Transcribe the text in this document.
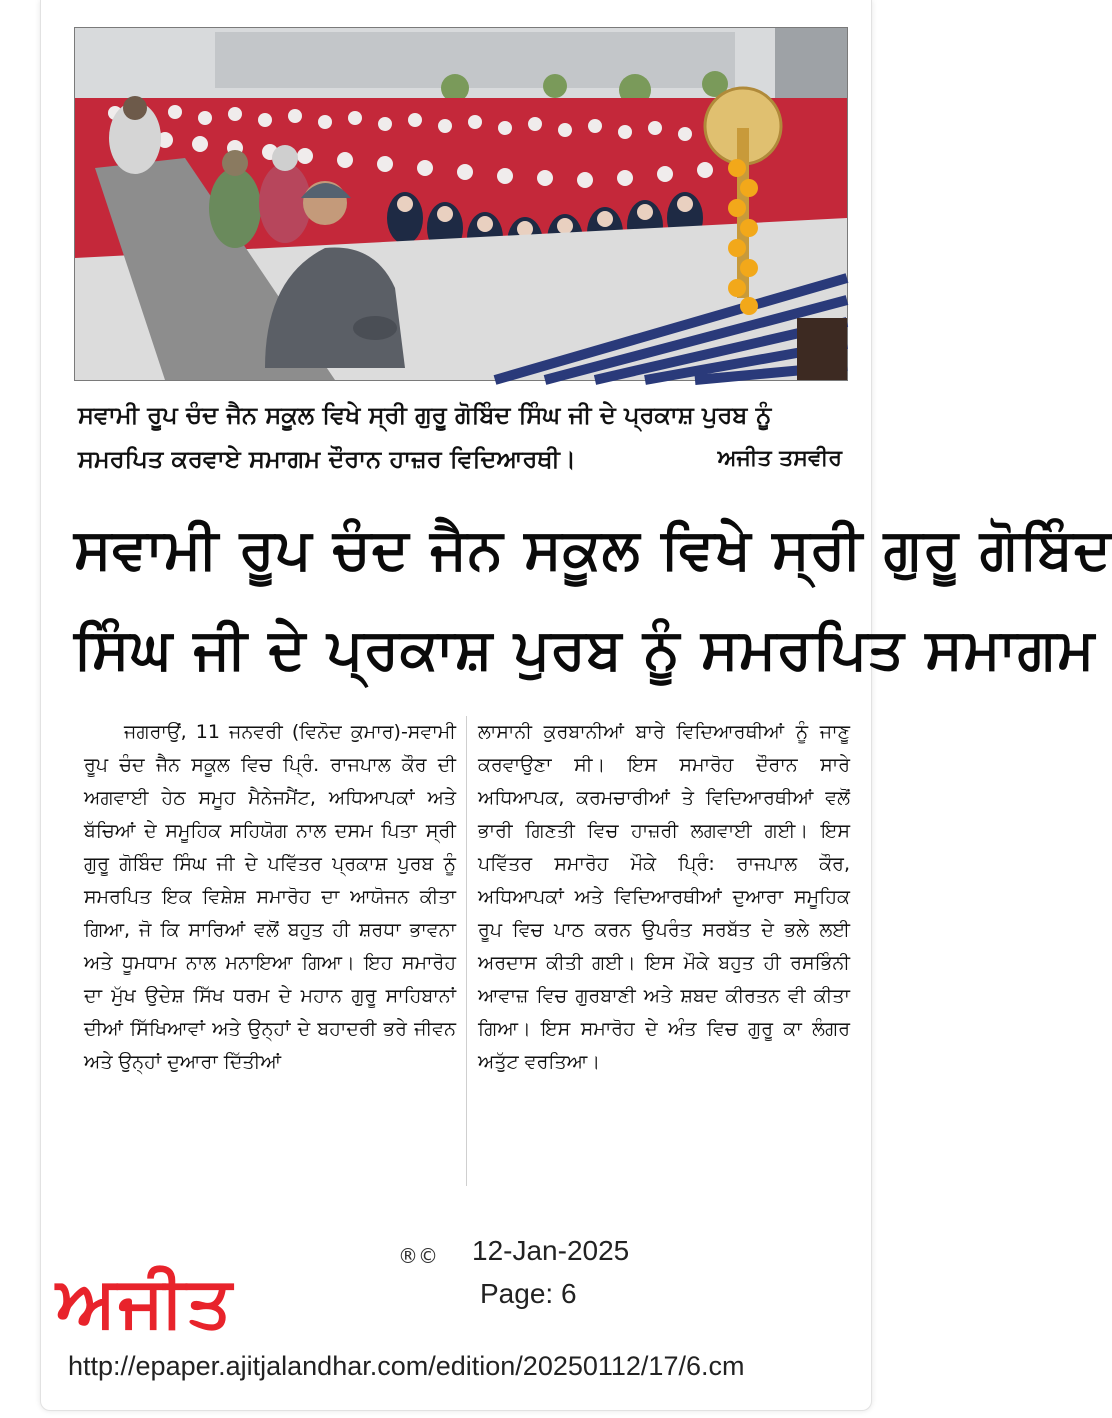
ਸਵਾਮੀ ਰੂਪ ਚੰਦ ਜੈਨ ਸਕੂਲ ਵਿਖੇ ਸ੍ਰੀ ਗੁਰੂ ਗੋਬਿੰਦ ਸਿੰਘ ਜੀ ਦੇ ਪ੍ਰਕਾਸ਼ ਪੁਰਬ ਨੂੰ
ਸਮਰਪਿਤ ਕਰਵਾਏ ਸਮਾਗਮ ਦੌਰਾਨ ਹਾਜ਼ਰ ਵਿਦਿਆਰਥੀ।	ਅਜੀਤ ਤਸਵੀਰ
ਸਵਾਮੀ ਰੂਪ ਚੰਦ ਜੈਨ ਸਕੂਲ ਵਿਖੇ ਸ੍ਰੀ ਗੁਰੂ ਗੋਬਿੰਦ
ਸਿੰਘ ਜੀ ਦੇ ਪ੍ਰਕਾਸ਼ ਪੁਰਬ ਨੂੰ ਸਮਰਪਿਤ ਸਮਾਗਮ
ਜਗਰਾਉਂ, 11 ਜਨਵਰੀ (ਵਿਨੋਦ ਕੁਮਾਰ)-ਸਵਾਮੀ ਰੂਪ ਚੰਦ ਜੈਨ ਸਕੂਲ ਵਿਚ ਪ੍ਰਿੰ. ਰਾਜਪਾਲ ਕੌਰ ਦੀ ਅਗਵਾਈ ਹੇਠ ਸਮੂਹ ਮੈਨੇਜਮੈਂਟ, ਅਧਿਆਪਕਾਂ ਅਤੇ ਬੱਚਿਆਂ ਦੇ ਸਮੂਹਿਕ ਸਹਿਯੋਗ ਨਾਲ ਦਸਮ ਪਿਤਾ ਸ੍ਰੀ ਗੁਰੂ ਗੋਬਿੰਦ ਸਿੰਘ ਜੀ ਦੇ ਪਵਿੱਤਰ ਪ੍ਰਕਾਸ਼ ਪੁਰਬ ਨੂੰ ਸਮਰਪਿਤ ਇਕ ਵਿਸ਼ੇਸ਼ ਸਮਾਰੋਹ ਦਾ ਆਯੋਜਨ ਕੀਤਾ ਗਿਆ, ਜੋ ਕਿ ਸਾਰਿਆਂ ਵਲੋਂ ਬਹੁਤ ਹੀ ਸ਼ਰਧਾ ਭਾਵਨਾ ਅਤੇ ਧੂਮਧਾਮ ਨਾਲ ਮਨਾਇਆ ਗਿਆ। ਇਹ ਸਮਾਰੋਹ ਦਾ ਮੁੱਖ ਉਦੇਸ਼ ਸਿੱਖ ਧਰਮ ਦੇ ਮਹਾਨ ਗੁਰੂ ਸਾਹਿਬਾਨਾਂ ਦੀਆਂ ਸਿੱਖਿਆਵਾਂ ਅਤੇ ਉਨ੍ਹਾਂ ਦੇ ਬਹਾਦਰੀ ਭਰੇ ਜੀਵਨ ਅਤੇ ਉਨ੍ਹਾਂ ਦੁਆਰਾ ਦਿੱਤੀਆਂ
ਲਾਸਾਨੀ ਕੁਰਬਾਨੀਆਂ ਬਾਰੇ ਵਿਦਿਆਰਥੀਆਂ ਨੂੰ ਜਾਣੂ ਕਰਵਾਉਣਾ ਸੀ। ਇਸ ਸਮਾਰੋਹ ਦੌਰਾਨ ਸਾਰੇ ਅਧਿਆਪਕ, ਕਰਮਚਾਰੀਆਂ ਤੇ ਵਿਦਿਆਰਥੀਆਂ ਵਲੋਂ ਭਾਰੀ ਗਿਣਤੀ ਵਿਚ ਹਾਜ਼ਰੀ ਲਗਵਾਈ ਗਈ। ਇਸ ਪਵਿੱਤਰ ਸਮਾਰੋਹ ਮੌਕੇ ਪ੍ਰਿੰ: ਰਾਜਪਾਲ ਕੌਰ, ਅਧਿਆਪਕਾਂ ਅਤੇ ਵਿਦਿਆਰਥੀਆਂ ਦੁਆਰਾ ਸਮੂਹਿਕ ਰੂਪ ਵਿਚ ਪਾਠ ਕਰਨ ਉਪਰੰਤ ਸਰਬੱਤ ਦੇ ਭਲੇ ਲਈ ਅਰਦਾਸ ਕੀਤੀ ਗਈ। ਇਸ ਮੌਕੇ ਬਹੁਤ ਹੀ ਰਸਭਿੰਨੀ ਆਵਾਜ਼ ਵਿਚ ਗੁਰਬਾਣੀ ਅਤੇ ਸ਼ਬਦ ਕੀਰਤਨ ਵੀ ਕੀਤਾ ਗਿਆ। ਇਸ ਸਮਾਰੋਹ ਦੇ ਅੰਤ ਵਿਚ ਗੁਰੂ ਕਾ ਲੰਗਰ ਅਤੁੱਟ ਵਰਤਿਆ।
12-Jan-2025
Page: 6
ਅਜੀਤ
®©
http://epaper.ajitjalandhar.com/edition/20250112/17/6.cm
